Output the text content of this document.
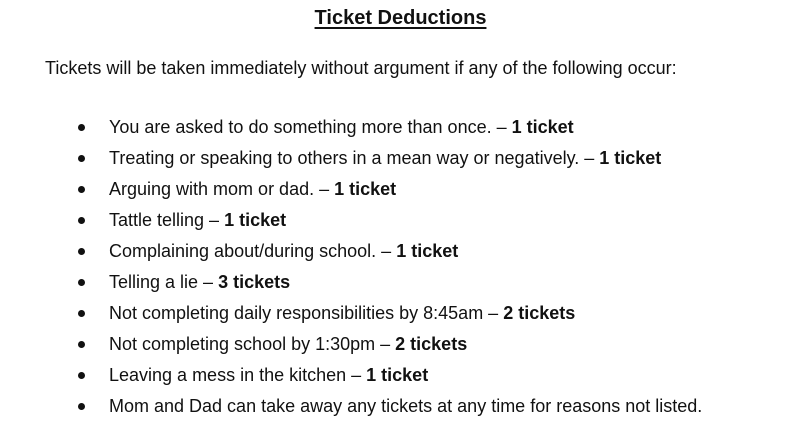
Ticket Deductions
Tickets will be taken immediately without argument if any of the following occur:
You are asked to do something more than once. – 1 ticket
Treating or speaking to others in a mean way or negatively. – 1 ticket
Arguing with mom or dad. – 1 ticket
Tattle telling – 1 ticket
Complaining about/during school. – 1 ticket
Telling a lie – 3 tickets
Not completing daily responsibilities by 8:45am – 2 tickets
Not completing school by 1:30pm – 2 tickets
Leaving a mess in the kitchen – 1 ticket
Mom and Dad can take away any tickets at any time for reasons not listed.
